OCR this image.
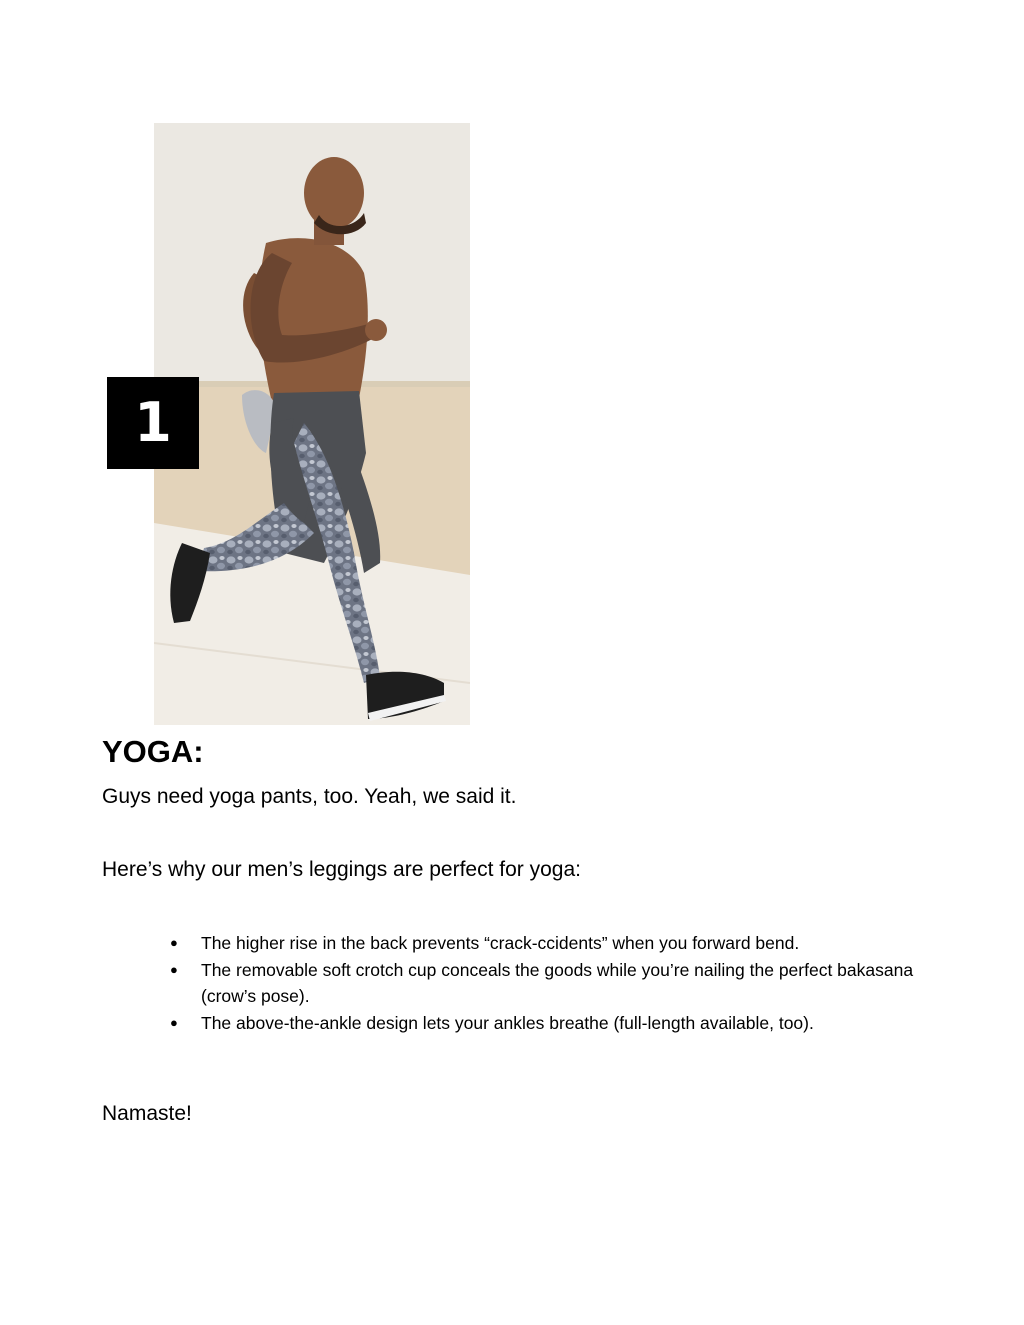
1
YOGA:

Guys need yoga pants, too. Yeah, we said it.

Here’s why our men’s leggings are perfect for yoga:

● The higher rise in the back prevents “crack-ccidents” when you forward bend.
● The removable soft crotch cup conceals the goods while you’re nailing the perfect bakasana (crow’s pose).
● The above-the-ankle design lets your ankles breathe (full-length available, too).

Namaste!
